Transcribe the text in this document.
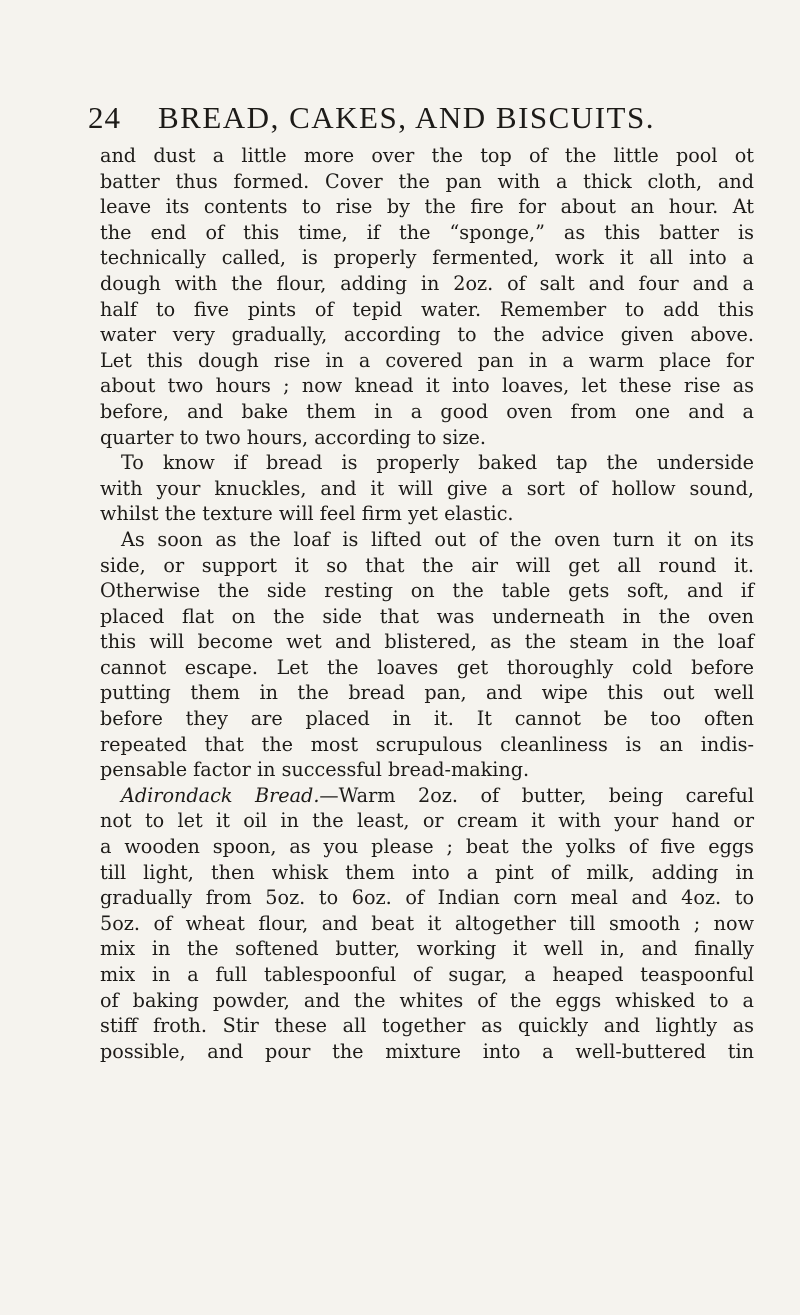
24	BREAD, CAKES, AND BISCUITS.
and dust a little more over the top of the little pool ot
batter thus formed. Cover the pan with a thick cloth, and
leave its contents to rise by the fire for about an hour. At
the end of this time, if the “sponge,” as this batter is
technically called, is properly fermented, work it all into a
dough with the flour, adding in 2oz. of salt and four and a
half to five pints of tepid water. Remember to add this
water very gradually, according to the advice given above.
Let this dough rise in a covered pan in a warm place for
about two hours ; now knead it into loaves, let these rise as
before, and bake them in a good oven from one and a
quarter to two hours, according to size.
To know if bread is properly baked tap the underside
with your knuckles, and it will give a sort of hollow sound,
whilst the texture will feel firm yet elastic.
As soon as the loaf is lifted out of the oven turn it on its
side, or support it so that the air will get all round it.
Otherwise the side resting on the table gets soft, and if
placed flat on the side that was underneath in the oven
this will become wet and blistered, as the steam in the loaf
cannot escape. Let the loaves get thoroughly cold before
putting them in the bread pan, and wipe this out well
before they are placed in it. It cannot be too often
repeated that the most scrupulous cleanliness is an indis-
pensable factor in successful bread-making.
Adirondack Bread.—Warm 2oz. of butter, being careful
not to let it oil in the least, or cream it with your hand or
a wooden spoon, as you please ; beat the yolks of five eggs
till light, then whisk them into a pint of milk, adding in
gradually from 5oz. to 6oz. of Indian corn meal and 4oz. to
5oz. of wheat flour, and beat it altogether till smooth ; now
mix in the softened butter, working it well in, and finally
mix in a full tablespoonful of sugar, a heaped teaspoonful
of baking powder, and the whites of the eggs whisked to a
stiff froth. Stir these all together as quickly and lightly as
possible, and pour the mixture into a well-buttered tin
